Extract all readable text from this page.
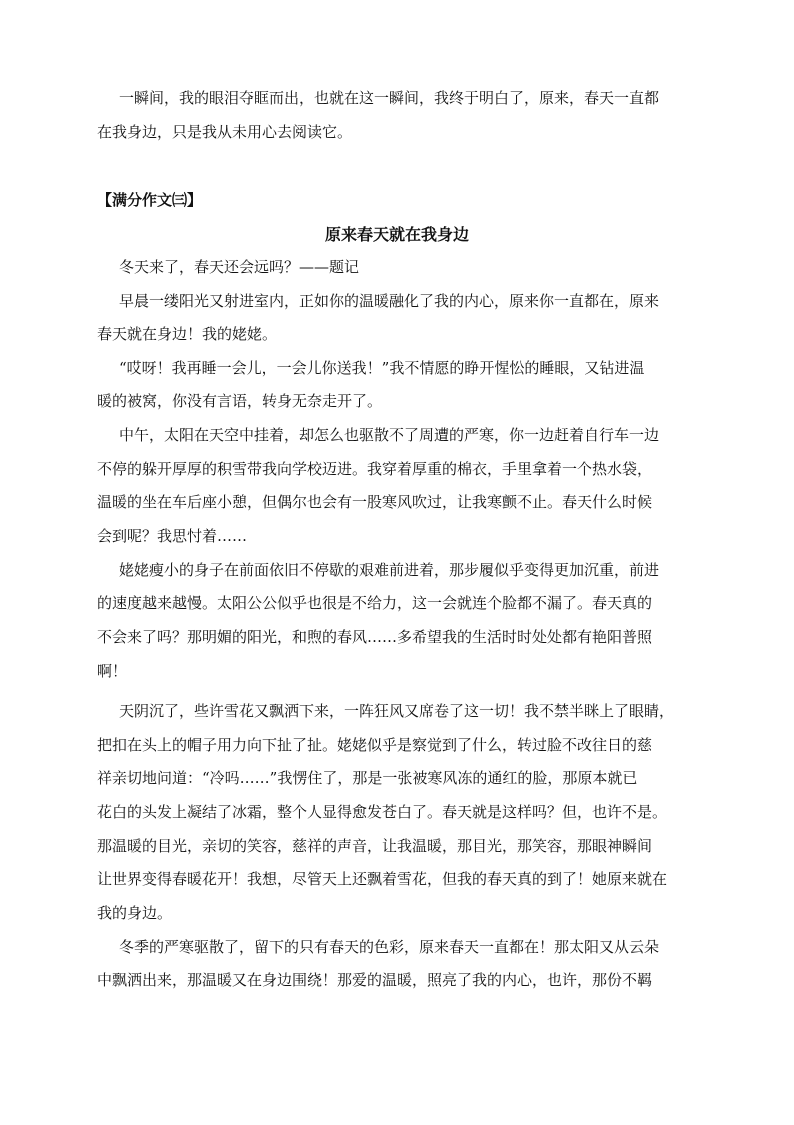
一瞬间，我的眼泪夺眶而出，也就在这一瞬间，我终于明白了，原来，春天一直都
在我身边，只是我从未用心去阅读它。
【满分作文㈢】
原来春天就在我身边
冬天来了，春天还会远吗？——题记
早晨一缕阳光又射进室内，正如你的温暖融化了我的内心，原来你一直都在，原来
春天就在身边！我的姥姥。
“哎呀！我再睡一会儿，一会儿你送我！”我不情愿的睁开惺忪的睡眼，又钻进温
暖的被窝，你没有言语，转身无奈走开了。
中午，太阳在天空中挂着，却怎么也驱散不了周遭的严寒，你一边赶着自行车一边
不停的躲开厚厚的积雪带我向学校迈进。我穿着厚重的棉衣，手里拿着一个热水袋，
温暖的坐在车后座小憩，但偶尔也会有一股寒风吹过，让我寒颤不止。春天什么时候
会到呢？我思忖着……
姥姥瘦小的身子在前面依旧不停歇的艰难前进着，那步履似乎变得更加沉重，前进
的速度越来越慢。太阳公公似乎也很是不给力，这一会就连个脸都不漏了。春天真的
不会来了吗？那明媚的阳光，和煦的春风……多希望我的生活时时处处都有艳阳普照
啊！
天阴沉了，些许雪花又飘洒下来，一阵狂风又席卷了这一切！我不禁半眯上了眼睛，
把扣在头上的帽子用力向下扯了扯。姥姥似乎是察觉到了什么，转过脸不改往日的慈
祥亲切地问道：“冷吗……”我愣住了，那是一张被寒风冻的通红的脸，那原本就已
花白的头发上凝结了冰霜，整个人显得愈发苍白了。春天就是这样吗？但，也许不是。
那温暖的目光，亲切的笑容，慈祥的声音，让我温暖，那目光，那笑容，那眼神瞬间
让世界变得春暖花开！我想，尽管天上还飘着雪花，但我的春天真的到了！她原来就在
我的身边。
冬季的严寒驱散了，留下的只有春天的色彩，原来春天一直都在！那太阳又从云朵
中飘洒出来，那温暖又在身边围绕！那爱的温暖，照亮了我的内心，也许，那份不羁
